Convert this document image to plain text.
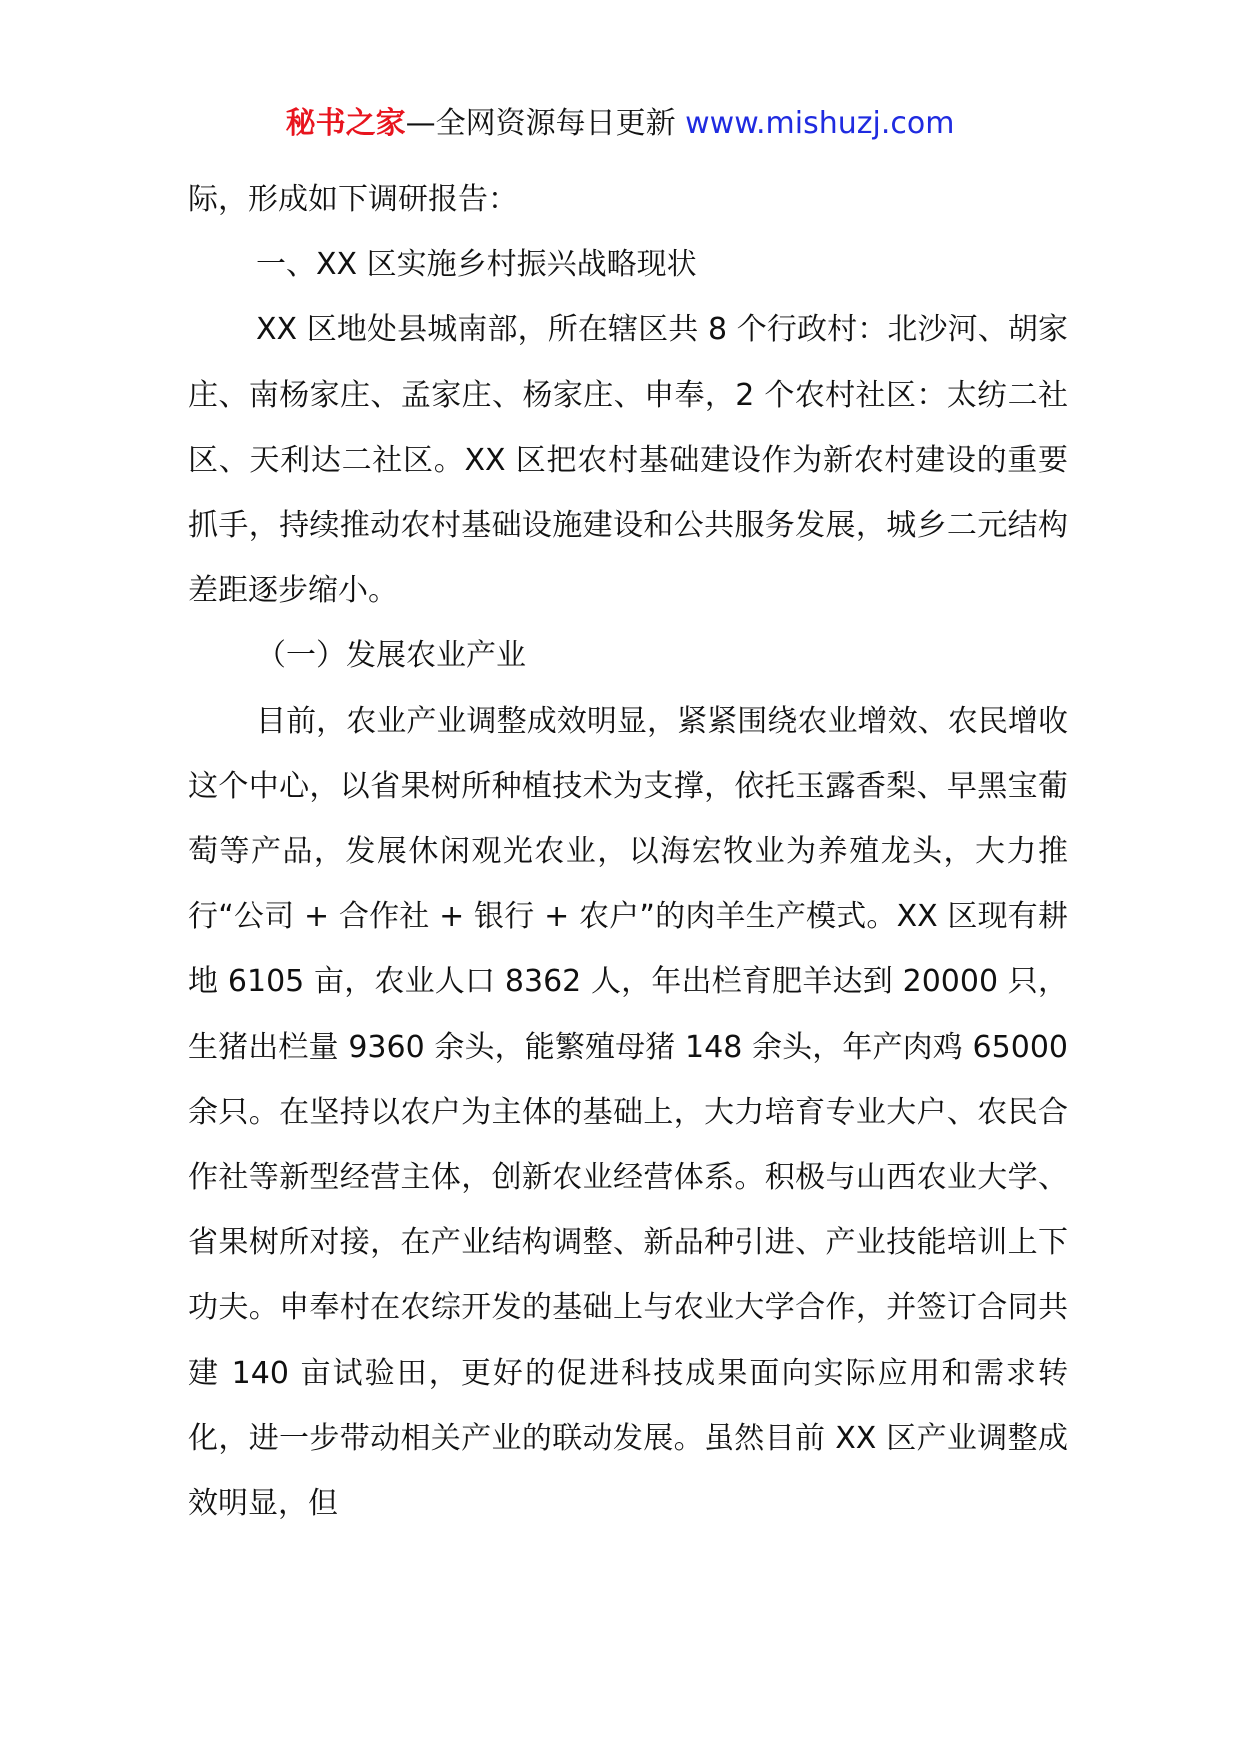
秘书之家—全网资源每日更新 www.mishuzj.com

际，形成如下调研报告：

一、XX 区实施乡村振兴战略现状

XX 区地处县城南部，所在辖区共 8 个行政村：北沙河、胡家庄、南杨家庄、孟家庄、杨家庄、申奉，2 个农村社区：太纺二社区、天利达二社区。XX 区把农村基础建设作为新农村建设的重要抓手，持续推动农村基础设施建设和公共服务发展，城乡二元结构差距逐步缩小。

（一）发展农业产业

目前，农业产业调整成效明显，紧紧围绕农业增效、农民增收这个中心，以省果树所种植技术为支撑，依托玉露香梨、早黑宝葡萄等产品，发展休闲观光农业，以海宏牧业为养殖龙头，大力推行“公司 + 合作社 + 银行 + 农户”的肉羊生产模式。XX 区现有耕地 6105 亩，农业人口 8362 人，年出栏育肥羊达到 20000 只，生猪出栏量 9360 余头，能繁殖母猪 148 余头，年产肉鸡 65000 余只。在坚持以农户为主体的基础上，大力培育专业大户、农民合作社等新型经营主体，创新农业经营体系。积极与山西农业大学、省果树所对接，在产业结构调整、新品种引进、产业技能培训上下功夫。申奉村在农综开发的基础上与农业大学合作，并签订合同共建 140 亩试验田，更好的促进科技成果面向实际应用和需求转化，进一步带动相关产业的联动发展。虽然目前 XX 区产业调整成效明显，但
